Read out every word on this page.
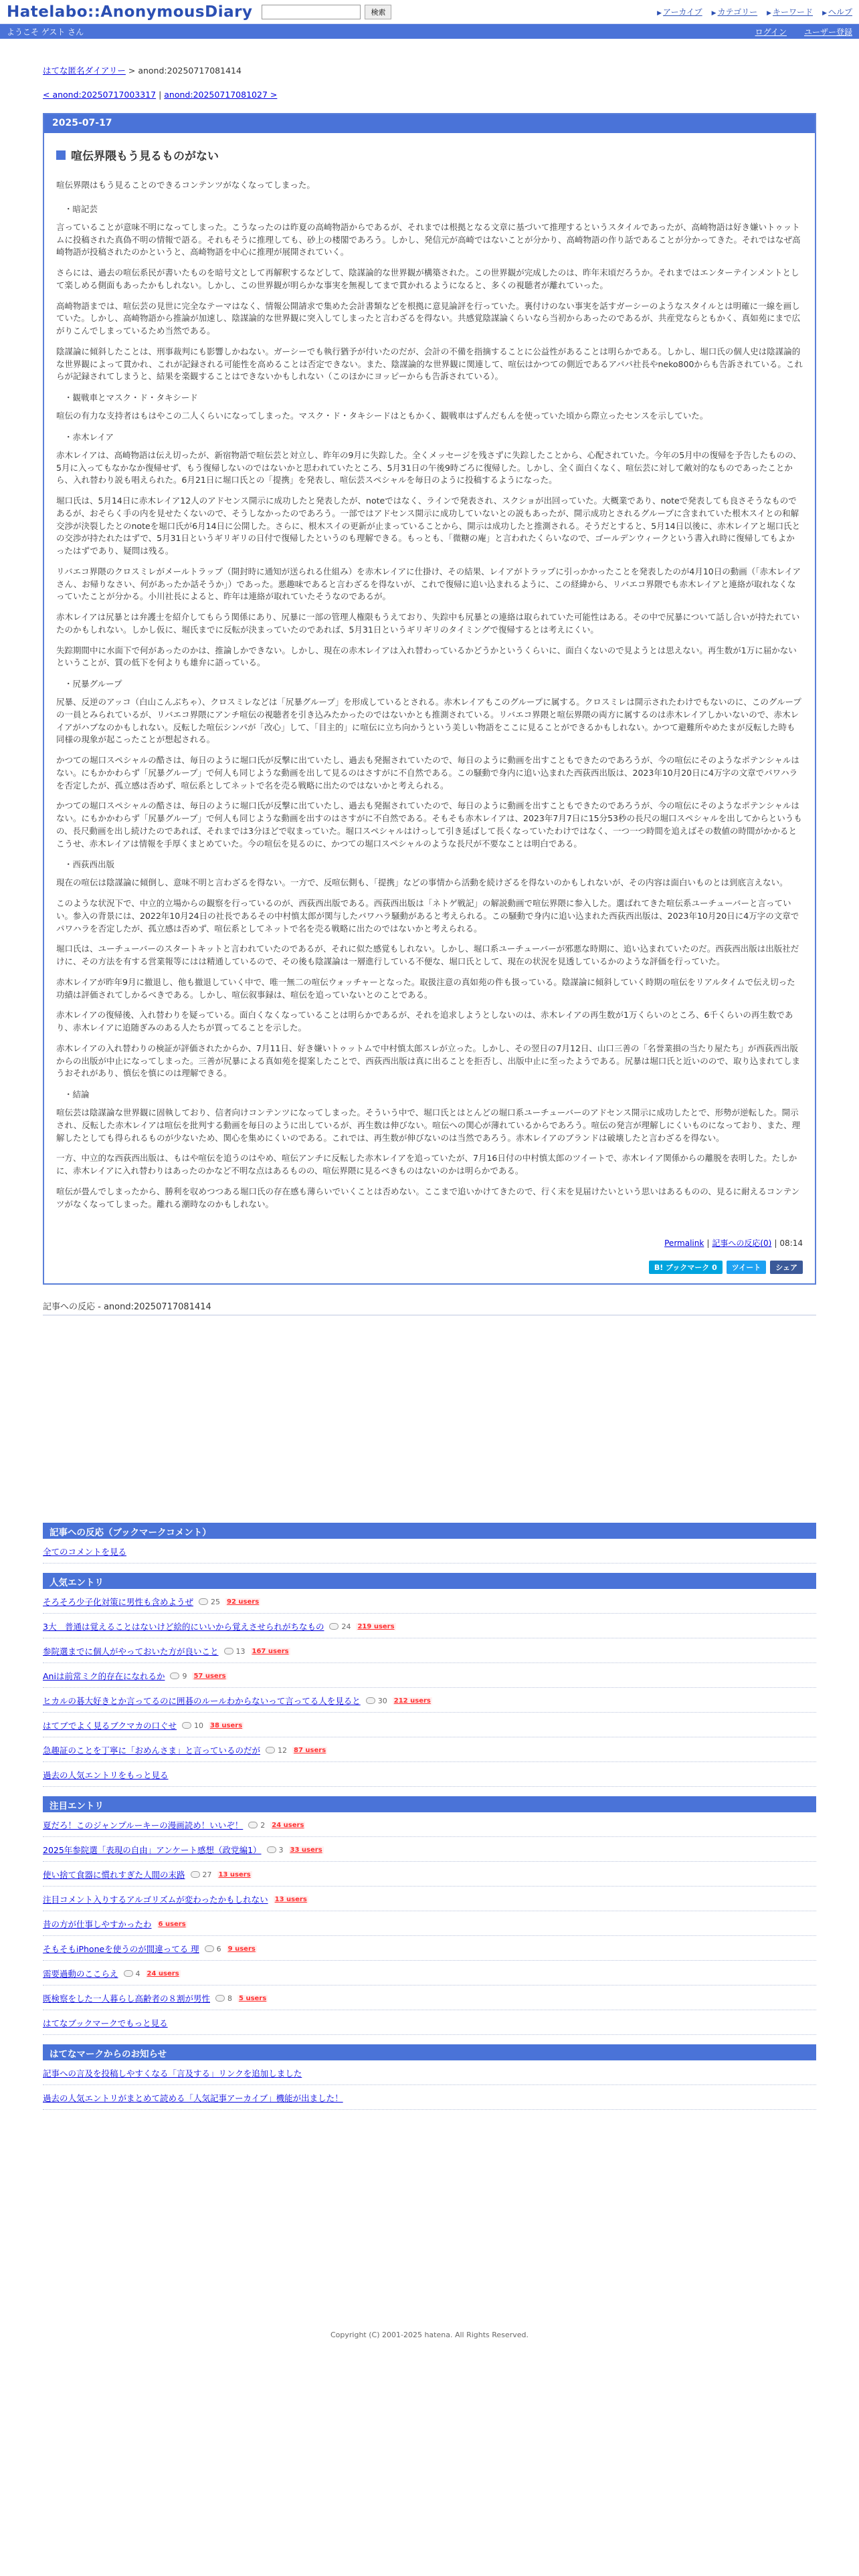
Hatelabo::AnonymousDiary	検索	▶ アーカイブ ▶ カテゴリー ▶ キーワード ▶ ヘルプ
ようこそ ゲスト さん	ログイン ユーザー登録
はてな匿名ダイアリー > anond:20250717081414
< anond:20250717003317 | anond:20250717081027 >
2025-07-17
喧伝界隈もう見るものがない
喧伝界隈はもう見ることのできるコンテンツがなくなってしまった。
・暗記芸
言っていることが意味不明になってしまった。こうなったのは昨夏の高崎物語からであるが、それまでは根拠となる文章に基づいて推理するというスタイルであったが、高崎物語は好き嫌いトゥットムに投稿された真偽不明の情報で語る。それもそうに推理しても、砂上の楼閣であろう。しかし、発信元が高崎ではないことが分かり、高崎物語の作り話であることが分かってきた。それではなぜ高崎物語が投稿されたのかというと、高崎物語を中心に推理が展開されていく。
さらには、過去の喧伝系民が書いたものを暗号文として再解釈するなどして、陰謀論的な世界観が構築された。この世界観が完成したのは、昨年末頃だろうか。それまではエンターテインメントとして楽しめる側面もあったかもしれない。しかし、この世界観が明らかな事実を無視してまで貫かれるようになると、多くの視聴者が離れていった。
高崎物語までは、喧伝芸の見世に完全なテーマはなく、情報公開請求で集めた会計書類などを根拠に意見論評を行っていた。裏付けのない事実を話すガーシーのようなスタイルとは明確に一線を画していた。しかし、高崎物語から推論が加速し、陰謀論的な世界観に突入してしまったと言わざるを得ない。共感覚陰謀論くらいなら当初からあったのであるが、共産党ならともかく、真如苑にまで広がりこんでしまっているため当然である。
陰謀論に傾斜したことは、刑事裁判にも影響しかねない。ガーシーでも執行猶予が付いたのだが、会計の不備を指摘することに公益性があることは明らかである。しかし、堀口氏の個人史は陰謀論的な世界観によって貫かれ、これが記録される可能性を高めることは否定できない。また、陰謀論的な世界観に関連して、喧伝はかつての側近であるアバパ社長やneko800からも告訴されている。これらが記録されてしまうと、結果を楽観することはできないかもしれない（このほかにヨッピーからも告訴されている）。
・観戦車とマスク・ド・タキシード
喧伝の有力な支持者はもはやこの二人くらいになってしまった。マスク・ド・タキシードはともかく、観戦車はずんだもんを使っていた頃から際立ったセンスを示していた。
・赤木レイア
赤木レイアは、高崎物語は伝え切ったが、新宿物語で喧伝芸と対立し、昨年の9月に失踪した。全くメッセージを残さずに失踪したことから、心配されていた。今年の5月中の復帰を予告したものの、5月に入ってもなかなか復帰せず、もう復帰しないのではないかと思われていたところ、5月31日の午後9時ごろに復帰した。しかし、全く面白くなく、喧伝芸に対して敵対的なものであったことから、入れ替わり説も唱えられた。6月21日に堀口氏との「提携」を発表し、喧伝芸スペシャルを毎日のように投稿するようになった。
堀口氏は、5月14日に赤木レイア12人のアドセンス開示に成功したと発表したが、noteではなく、ラインで発表され、スクショが出回っていた。大概業であり、noteで発表しても良さそうなものであるが、おそらく手の内を見せたくないので、そうしなかったのであろう。一部ではアドセンス開示に成功していないとの説もあったが、開示成功とされるグループに含まれていた根木スイとの和解交渉が決裂したとのnoteを堀口氏が6月14日に公開した。さらに、根木スイの更新が止まっていることから、開示は成功したと推測される。そうだとすると、5月14日以後に、赤木レイアと堀口氏との交渉が持たれたはずで、5月31日というギリギリの日付で復帰したというのも理解できる。もっとも、「微糖の庵」と言われたくらいなので、ゴールデンウィークという書入れ時に復帰してもよかったはずであり、疑問は残る。
リバエコ界隈のクロスミレがメールトラップ（開封時に通知が送られる仕組み）を赤木レイアに仕掛け、その結果、レイアがトラップに引っかかったことを発表したのが4月10日の動画（「赤木レイアさん、お帰りなさい、何があったか話そうか」）であった。悪趣味であると言わざるを得ないが、これで復帰に追い込まれるように、この経緯から、リバエコ界隈でも赤木レイアと連絡が取れなくなっていたことが分かる。小川社長によると、昨年は連絡が取れていたそうなのであるが。
赤木レイアは尻暴とは弁護士を紹介してもらう関係にあり、尻暴に一部の管理人権限もうえており、失踪中も尻暴との連絡は取られていた可能性はある。その中で尻暴について話し合いが持たれていたのかもしれない。しかし仮に、堀氏までに反転が決まっていたのであれば、5月31日というギリギリのタイミングで復帰するとは考えにくい。
失踪期間中に水面下で何があったのかは、推論しかできない。しかし、現在の赤木レイアは入れ替わっているかどうかというくらいに、面白くないので見ようとは思えない。再生数が1万に届かないということが、質の低下を何よりも雄弁に語っている。
・尻暴グループ
尻暴、反逆のアッコ（白山こんぶちゃ）、クロスミレなどは「尻暴グループ」を形成しているとされる。赤木レイアもこのグループに属する。クロスミレは開示されたわけでもないのに、このグループの一員とみられているが、リバエコ界隈にアンチ喧伝の視聴者を引き込みたかったのではないかとも推測されている。リバエコ界隈と喧伝界隈の両方に属するのは赤木レイアしかいないので、赤木レイアがハブなのかもしれない。反転した喧伝シンパが「改心」して、「目主的」に喧伝に立ち向かうという美しい物語をここに見ることができるかもしれない。かつて避難所やめたまが反転した時も同様の現象が起こったことが想起される。
かつての堀口スペシャルの酷さは、毎日のように堀口氏が反撃に出ていたし、過去も発掘されていたので、毎日のように動画を出すこともできたのであろうが、今の喧伝にそのようなポテンシャルはない。にもかかわらず「尻暴グループ」で何人も同じような動画を出して見るのはさすがに不自然である。この騒動で身内に追い込まれた西荻西出版は、2023年10月20日に4万字の文章でパワハラを否定したが、孤立感は否めず、喧伝系としてネットで名を売る戦略に出たのではないかと考えられる。
かつての堀口スペシャルの酷さは、毎日のように堀口氏が反撃に出ていたし、過去も発掘されていたので、毎日のように動画を出すこともできたのであろうが、今の喧伝にそのようなポテンシャルはない。にもかかわらず「尻暴グループ」で何人も同じような動画を出すのはさすがに不自然である。そもそも赤木レイアは、2023年7月7日に15分53秒の長尺の堀口スペシャルを出してからというもの、長尺動画を出し続けたのであれば、それまでは3分ほどで収まっていた。堀口スペシャルはけっして引き延ばして長くなっていたわけではなく、一つ一つ時間を追えばその数値の時間がかかるとこうせ、赤木レイアは情報を手厚くまとめていた。今の喧伝を見るのに、かつての堀口スペシャルのような長尺が不要なことは明白である。
・西荻西出版
現在の喧伝は陰謀論に傾倒し、意味不明と言わざるを得ない。一方で、反喧伝側も、「提携」などの事情から活動を続けざるを得ないのかもしれないが、その内容は面白いものとは到底言えない。
このような状況下で、中立的立場からの観察を行っているのが、西荻西出版である。西荻西出版は「ネトゲ戦記」の解説動画で喧伝界隈に参入した。選ばれてきた喧伝系ユーチューバーと言っていい。参入の背景には、2022年10月24日の社長であるその中村慎太郎が関与したパワハラ騒動があると考えられる。この騒動で身内に追い込まれた西荻西出版は、2023年10月20日に4万字の文章でパワハラを否定したが、孤立感は否めず、喧伝系としてネットで名を売る戦略に出たのではないかと考えられる。
堀口氏は、ユーチューバーのスタートキットと言われていたのであるが、それに似た感覚もしれない。しかし、堀口系ユーチューバーが邪悪な時期に、追い込まれていたのだ。西荻西出版は出版社だけに、その方法を有する営業報等にはは精通しているので、その後も陰謀論は一層進行している不便な、堀口氏として、現在の状況を見透しているかのような評価を行っていた。
赤木レイアが昨年9月に撤退し、他も撤退していく中で、唯一無二の喧伝ウォッチャーとなった。取扱注意の真如苑の件も扱っている。陰謀論に傾斜していく時期の喧伝をリアルタイムで伝え切った功績は評価されてしかるべきである。しかし、喧伝叙事録は、喧伝を追っていないとのことである。
赤木レイアの復帰後、入れ替わりを疑っている。面白くなくなっていることは明らかであるが、それを追求しようとしないのは、赤木レイアの再生数が1万くらいのところ、6千くらいの再生数であり、赤木レイアに追随ぎみのある人たちが買ってることを示した。
赤木レイアの入れ替わりの検証が評価されたからか、7月11日、好き嫌いトゥットムで中村慎太郎スレが立った。しかし、その翌日の7月12日、山口三善の「名誉業損の当たり屋たち」が西荻西出版からの出版が中止になってしまった。三善が尻暴による真如苑を提案したことで、西荻西出版は真に出ることを拒否し、出版中止に至ったようである。尻暴は堀口氏と近いのので、取り込まれてしまうおそれがあり、慎伝を慎にのは理解できる。
・結論
喧伝芸は陰謀論な世界観に固執しており、信者向けコンテンツになってしまった。そういう中で、堀口氏とはとんどの堀口系ユーチューバーのアドセンス開示に成功したとで、形勢が逆転した。開示され、反転した赤木レイアは喧伝を批判する動画を毎日のように出しているが、再生数は伸びない。喧伝への関心が薄れているからであろう。喧伝の発言が理解しにくいものになっており、また、理解したとしても得られるものが少ないため、関心を集めにくいのである。これでは、再生数が伸びないのは当然であろう。赤木レイアのブランドは破壊したと言わざるを得ない。
一方、中立的な西荻西出版は、もはや喧伝を追うのはやめ、喧伝アンチに反転した赤木レイアを追っていたが、7月16日付の中村慎太郎のツイートで、赤木レイア関係からの離脱を表明した。たしかに、赤木レイアに入れ替わりはあったのかなど不明な点はあるものの、喧伝界隈に見るべきものはないのかは明らかである。
喧伝が畳んでしまったから、勝利を収めつつある堀口氏の存在感も薄らいでいくことは否めない。ここまで追いかけてきたので、行く末を見届けたいという思いはあるものの、見るに耐えるコンテンツがなくなってしまった。離れる潮時なのかもしれない。
Permalink | 記事への反応(0) | 08:14
B! ブックマーク 0	ツイート	シェア
記事への反応 - anond:20250717081414
記事への反応（ブックマークコメント）
全てのコメントを見る
人気エントリ
そろそろ少子化対策に男性も含めようぜ 25 92 users
3大　普通は覚えることはないけど絵的にいいから覚えさせられがちなもの 24 219 users
参院選までに個人がやっておいた方が良いこと 13 167 users
Aniは前常ミク的存在になれるか 9 57 users
ヒカルの碁大好きとか言ってるのに囲碁のルールわからないって言ってる人を見ると 30 212 users
はてブでよく見るブクマカの口ぐせ 10 38 users
急趣証のことを丁寧に「おめんさま」と言っているのだが 12 87 users
過去の人気エントリをもっと見る
注目エントリ
夏だろ！このジャンプルーキーの漫画読め！いいぞ！ 2 24 users
2025年参院選「表現の自由」アンケート感想（政党編1） 3 33 users
使い捨て食器に慣れすぎた人間の末路 27 13 users
注目コメント入りするアルゴリズムが変わったかもしれない 13 users
昔の方が仕事しやすかったわ 6 users
そもそもiPhoneを使うのが間違ってる 理 6 9 users
需要過動のここらえ 4 24 users
既検察をした一人暮らし高齢者の８割が男性 8 5 users
はてなブックマークでもっと見る
はてなマークからのお知らせ
記事への言及を投稿しやすくなる「言及する」リンクを追加しました
過去の人気エントリがまとめて読める「人気記事アーカイブ」機能が出ました！
Copyright (C) 2001-2025 hatena. All Rights Reserved.
